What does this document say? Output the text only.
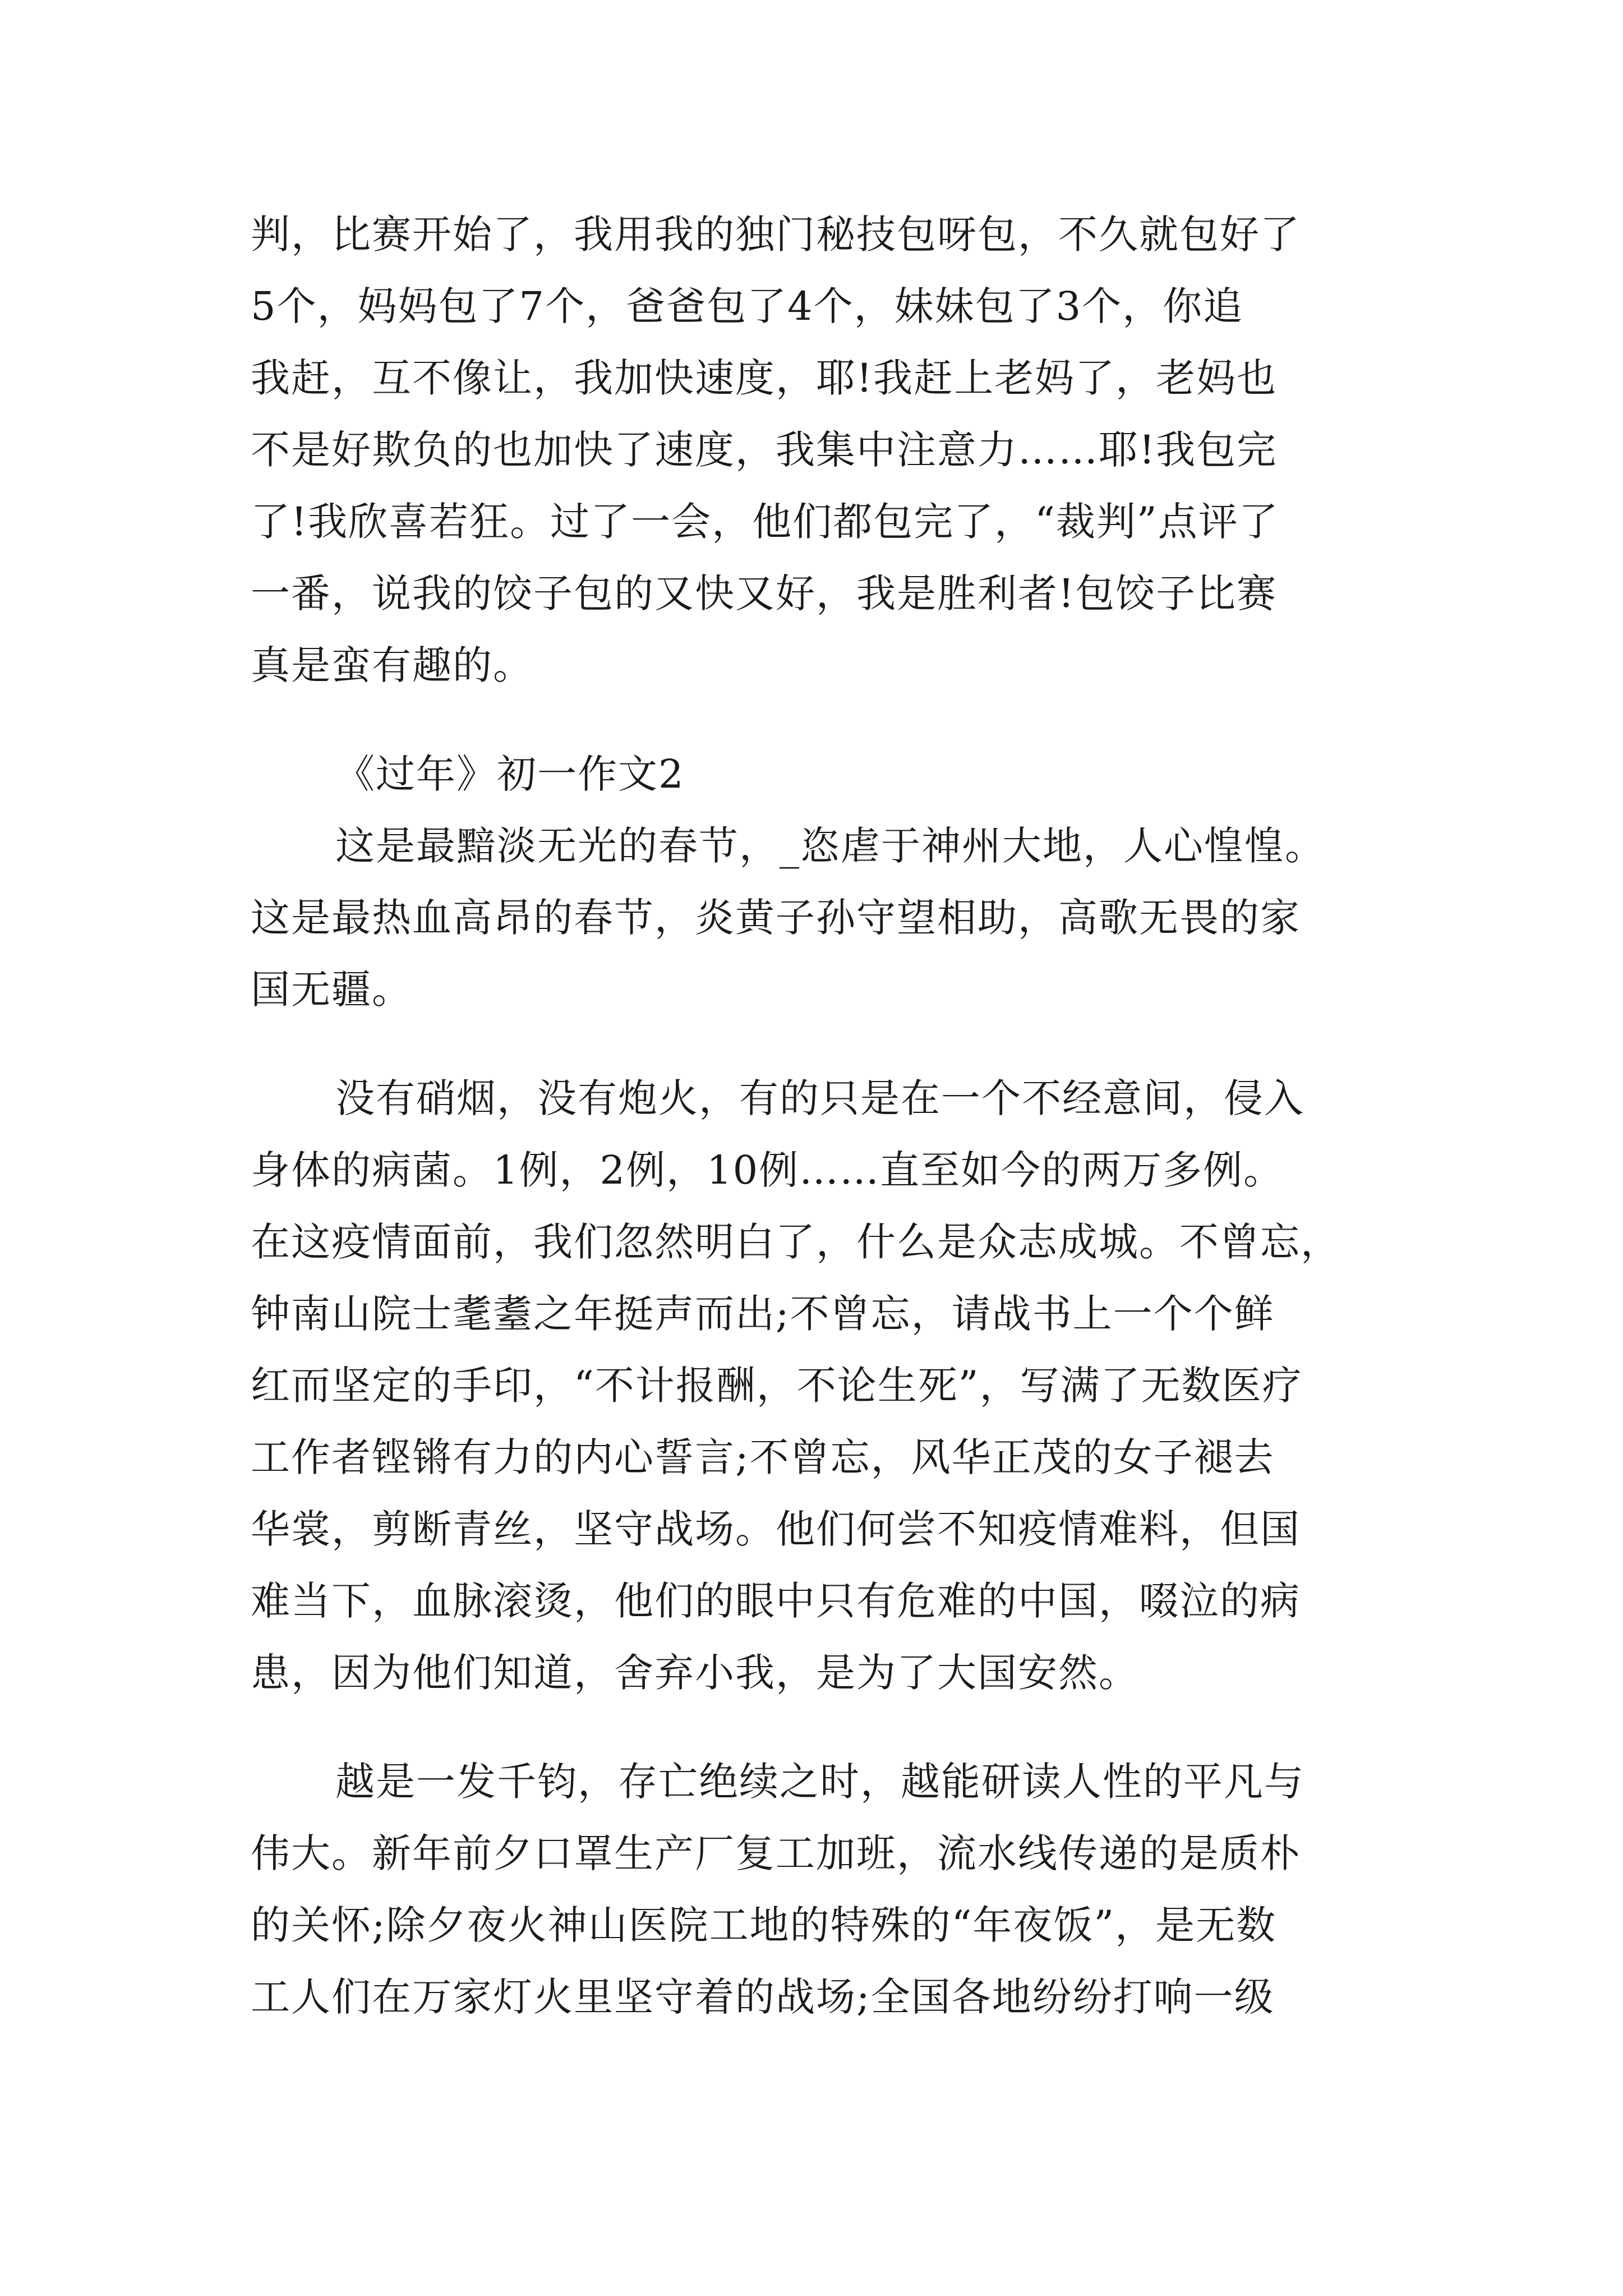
判，比赛开始了，我用我的独门秘技包呀包，不久就包好了
5个，妈妈包了7个，爸爸包了4个，妹妹包了3个，你追
我赶，互不像让，我加快速度，耶!我赶上老妈了，老妈也
不是好欺负的也加快了速度，我集中注意力……耶!我包完
了!我欣喜若狂。过了一会，他们都包完了，“裁判”点评了
一番，说我的饺子包的又快又好，我是胜利者!包饺子比赛
真是蛮有趣的。
《过年》初一作文2
这是最黯淡无光的春节，_恣虐于神州大地，人心惶惶。
这是最热血高昂的春节，炎黄子孙守望相助，高歌无畏的家
国无疆。
没有硝烟，没有炮火，有的只是在一个不经意间，侵入
身体的病菌。1例，2例，10例……直至如今的两万多例。
在这疫情面前，我们忽然明白了，什么是众志成城。不曾忘，
钟南山院士耄耋之年挺声而出;不曾忘，请战书上一个个鲜
红而坚定的手印，“不计报酬，不论生死”，写满了无数医疗
工作者铿锵有力的内心誓言;不曾忘，风华正茂的女子褪去
华裳，剪断青丝，坚守战场。他们何尝不知疫情难料，但国
难当下，血脉滚烫，他们的眼中只有危难的中国，啜泣的病
患，因为他们知道，舍弃小我，是为了大国安然。
越是一发千钧，存亡绝续之时，越能研读人性的平凡与
伟大。新年前夕口罩生产厂复工加班，流水线传递的是质朴
的关怀;除夕夜火神山医院工地的特殊的“年夜饭”，是无数
工人们在万家灯火里坚守着的战场;全国各地纷纷打响一级
